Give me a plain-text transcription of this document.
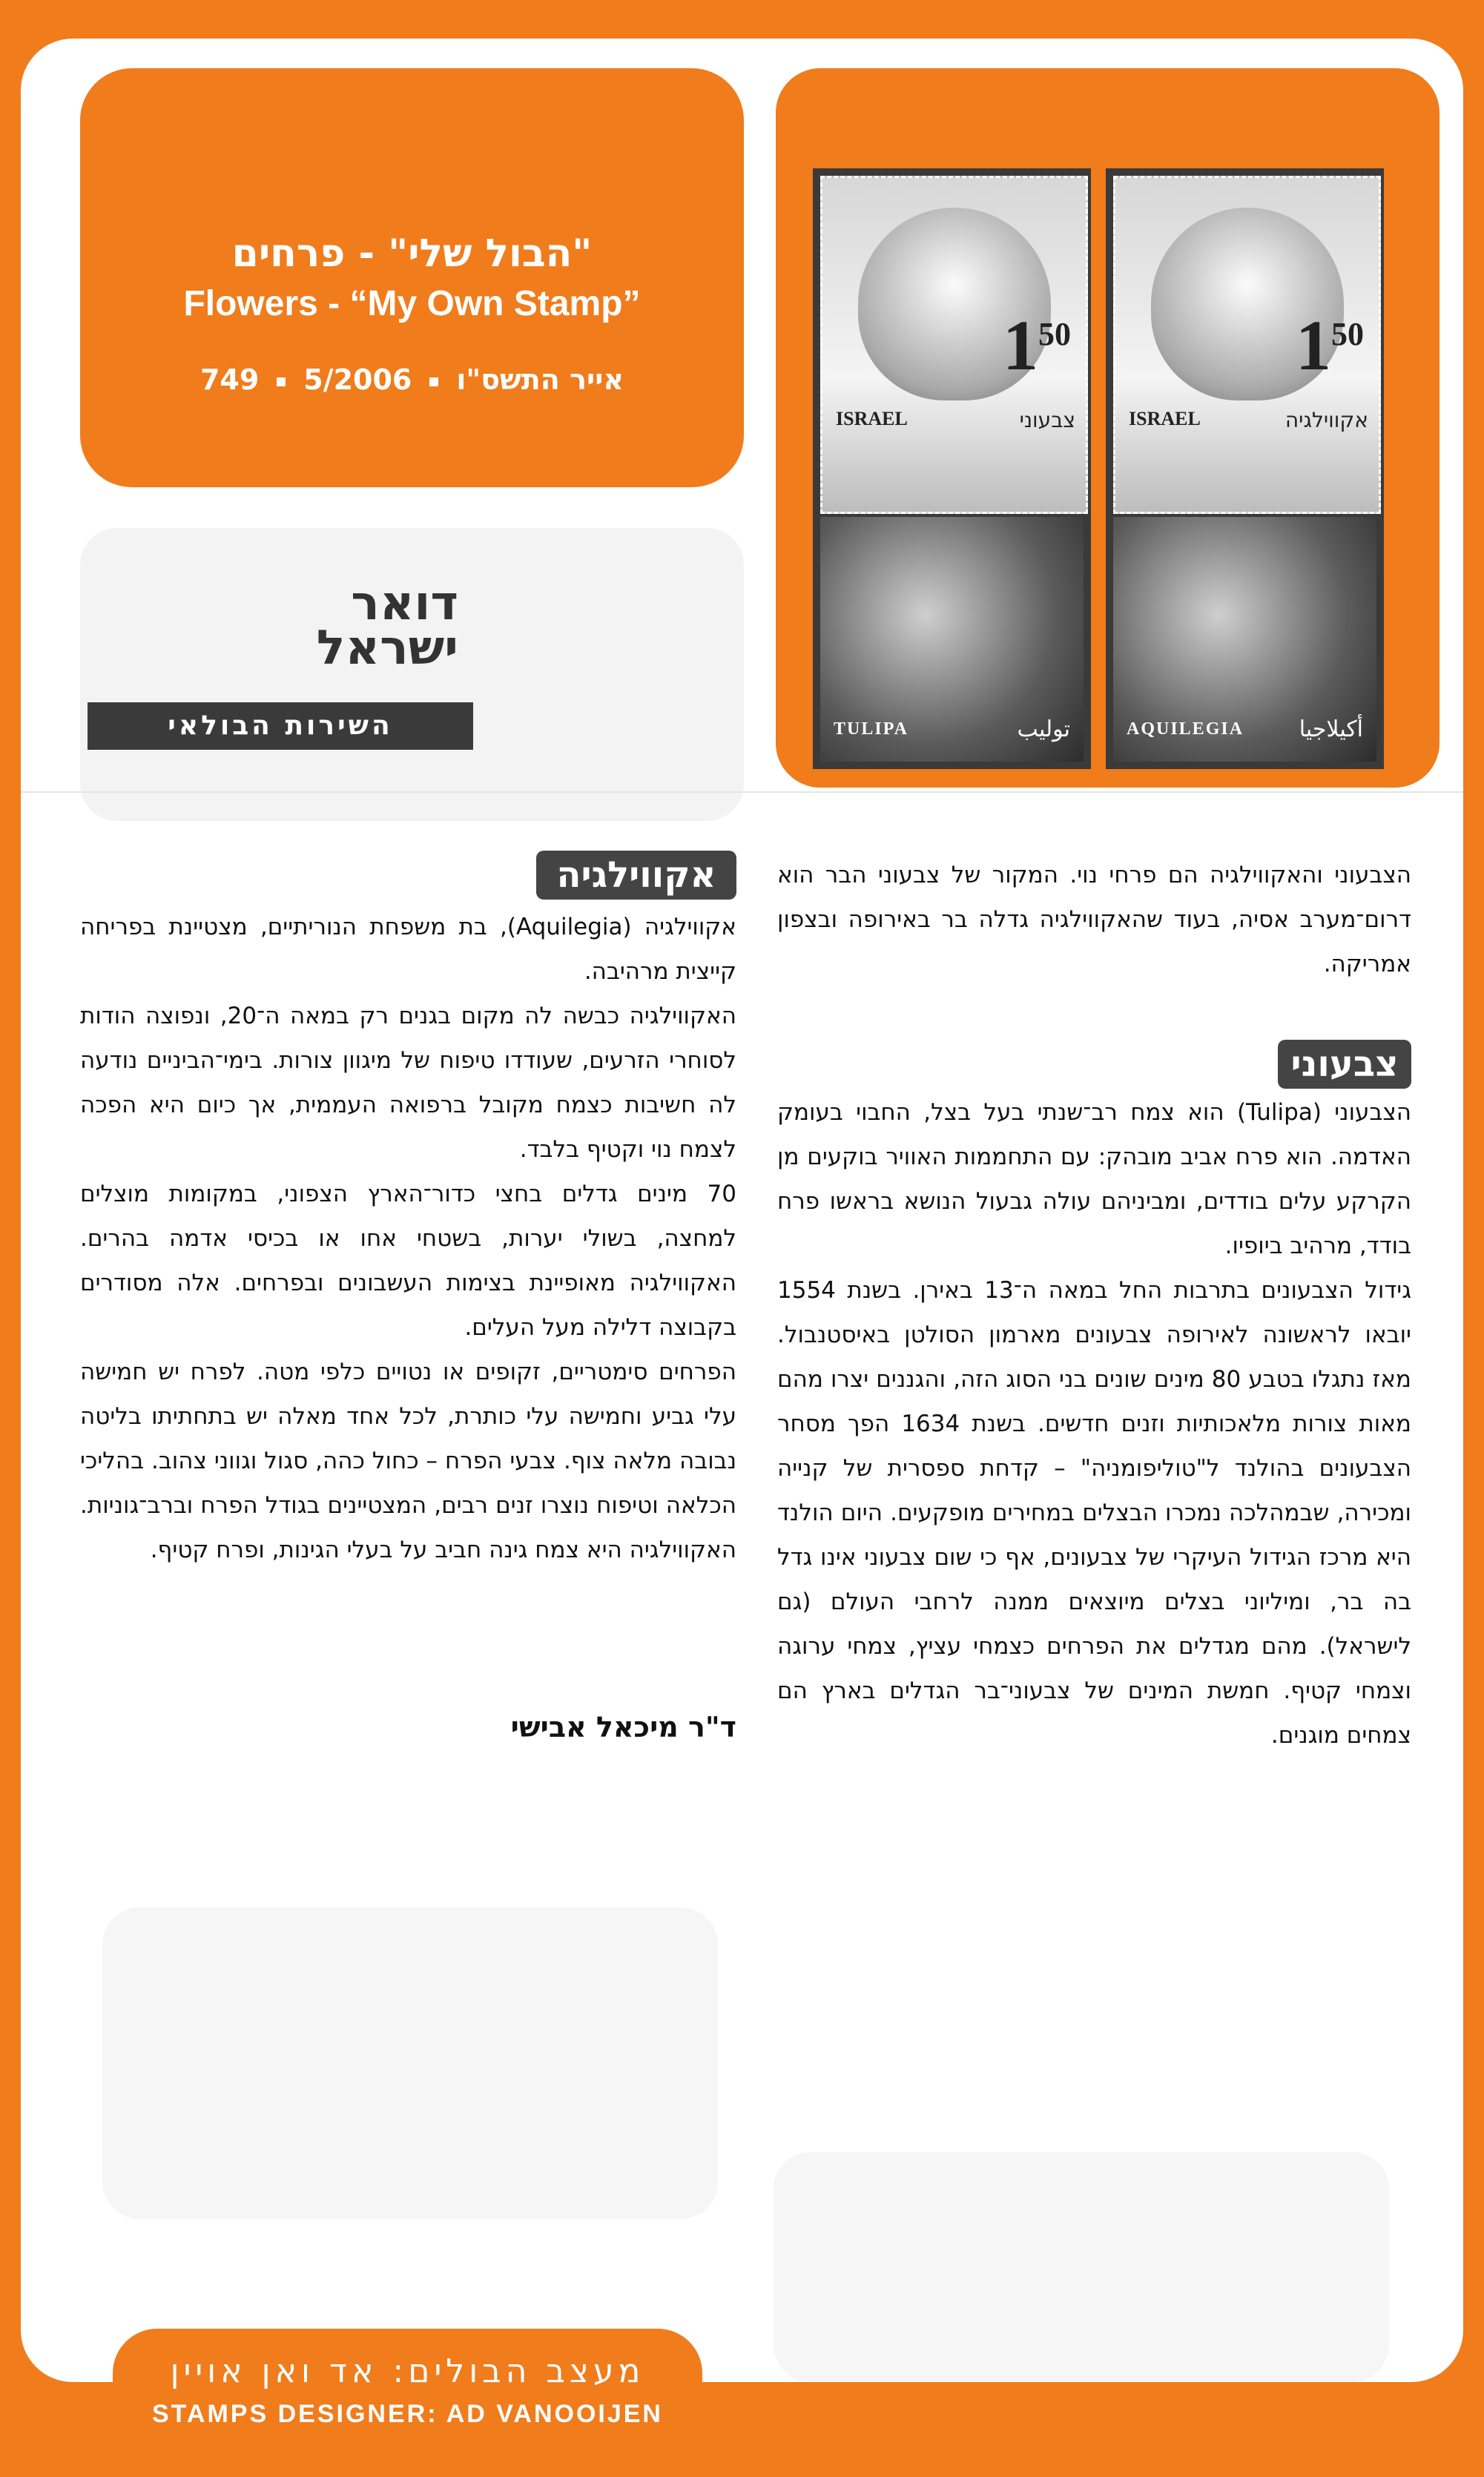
"הבול שלי" - פרחים
Flowers - “My Own Stamp”
אייר התשס"ו5/2006749
דואר
ישראל
השירות הבולאי
$1^{50}$
ISRAEL	אקווילגיה
AQUILEGIA أكيلاجيا
$1^{50}$
ISRAEL	צבעוני
TULIPA	توليب
הצבעוני והאקווילגיה הם פרחי נוי. המקור של צבעוני הבר הוא דרום־מערב אסיה, בעוד שהאקווילגיה גדלה בר באירופה ובצפון אמריקה.
צבעוני

הצבעוני (Tulipa) הוא צמח רב־שנתי בעל בצל, החבוי בעומק האדמה. הוא פרח אביב מובהק: עם התחממות האוויר בוקעים מן הקרקע עלים בודדים, ומביניהם עולה גבעול הנושא בראשו פרח בודד, מרהיב ביופיו.

גידול הצבעונים בתרבות החל במאה ה־13 באירן. בשנת 1554 יובאו לראשונה לאירופה צבעונים מארמון הסולטן באיסטנבול. מאז נתגלו בטבע 80 מינים שונים בני הסוג הזה, והגננים יצרו מהם מאות צורות מלאכותיות וזנים חדשים. בשנת 1634 הפך מסחר הצבעונים בהולנד ל"טוליפומניה" – קדחת ספסרית של קנייה ומכירה, שבמהלכה נמכרו הבצלים במחירים מופקעים. היום הולנד היא מרכז הגידול העיקרי של צבעונים, אף כי שום צבעוני אינו גדל בה בר, ומיליוני בצלים מיוצאים ממנה לרחבי העולם (גם לישראל). מהם מגדלים את הפרחים כצמחי עציץ, צמחי ערוגה וצמחי קטיף. חמשת המינים של צבעוני־בר הגדלים בארץ הם צמחים מוגנים.

אקווילגיה

אקווילגיה (Aquilegia), בת משפחת הנוריתיים, מצטיינת בפריחה קייצית מרהיבה.

האקווילגיה כבשה לה מקום בגנים רק במאה ה־20, ונפוצה הודות לסוחרי הזרעים, שעודדו טיפוח של מיגוון צורות. בימי־הביניים נודעה לה חשיבות כצמח מקובל ברפואה העממית, אך כיום היא הפכה לצמח נוי וקטיף בלבד.

70 מינים גדלים בחצי כדור־הארץ הצפוני, במקומות מוצלים למחצה, בשולי יערות, בשטחי אחו או בכיסי אדמה בהרים. האקווילגיה מאופיינת בצימות העשבונים ובפרחים. אלה מסודרים בקבוצה דלילה מעל העלים.

הפרחים סימטריים, זקופים או נטויים כלפי מטה. לפרח יש חמישה עלי גביע וחמישה עלי כותרת, לכל אחד מאלה יש בתחתיתו בליטה נבובה מלאה צוף. צבעי הפרח – כחול כהה, סגול וגווני צהוב. בהליכי הכלאה וטיפוח נוצרו זנים רבים, המצטיינים בגודל הפרח וברב־גוניות. האקווילגיה היא צמח גינה חביב על בעלי הגינות, ופרח קטיף.

ד"ר מיכאל אבישי
מעצב הבולים: אד ואן אויין
STAMPS DESIGNER: AD VANOOIJEN
